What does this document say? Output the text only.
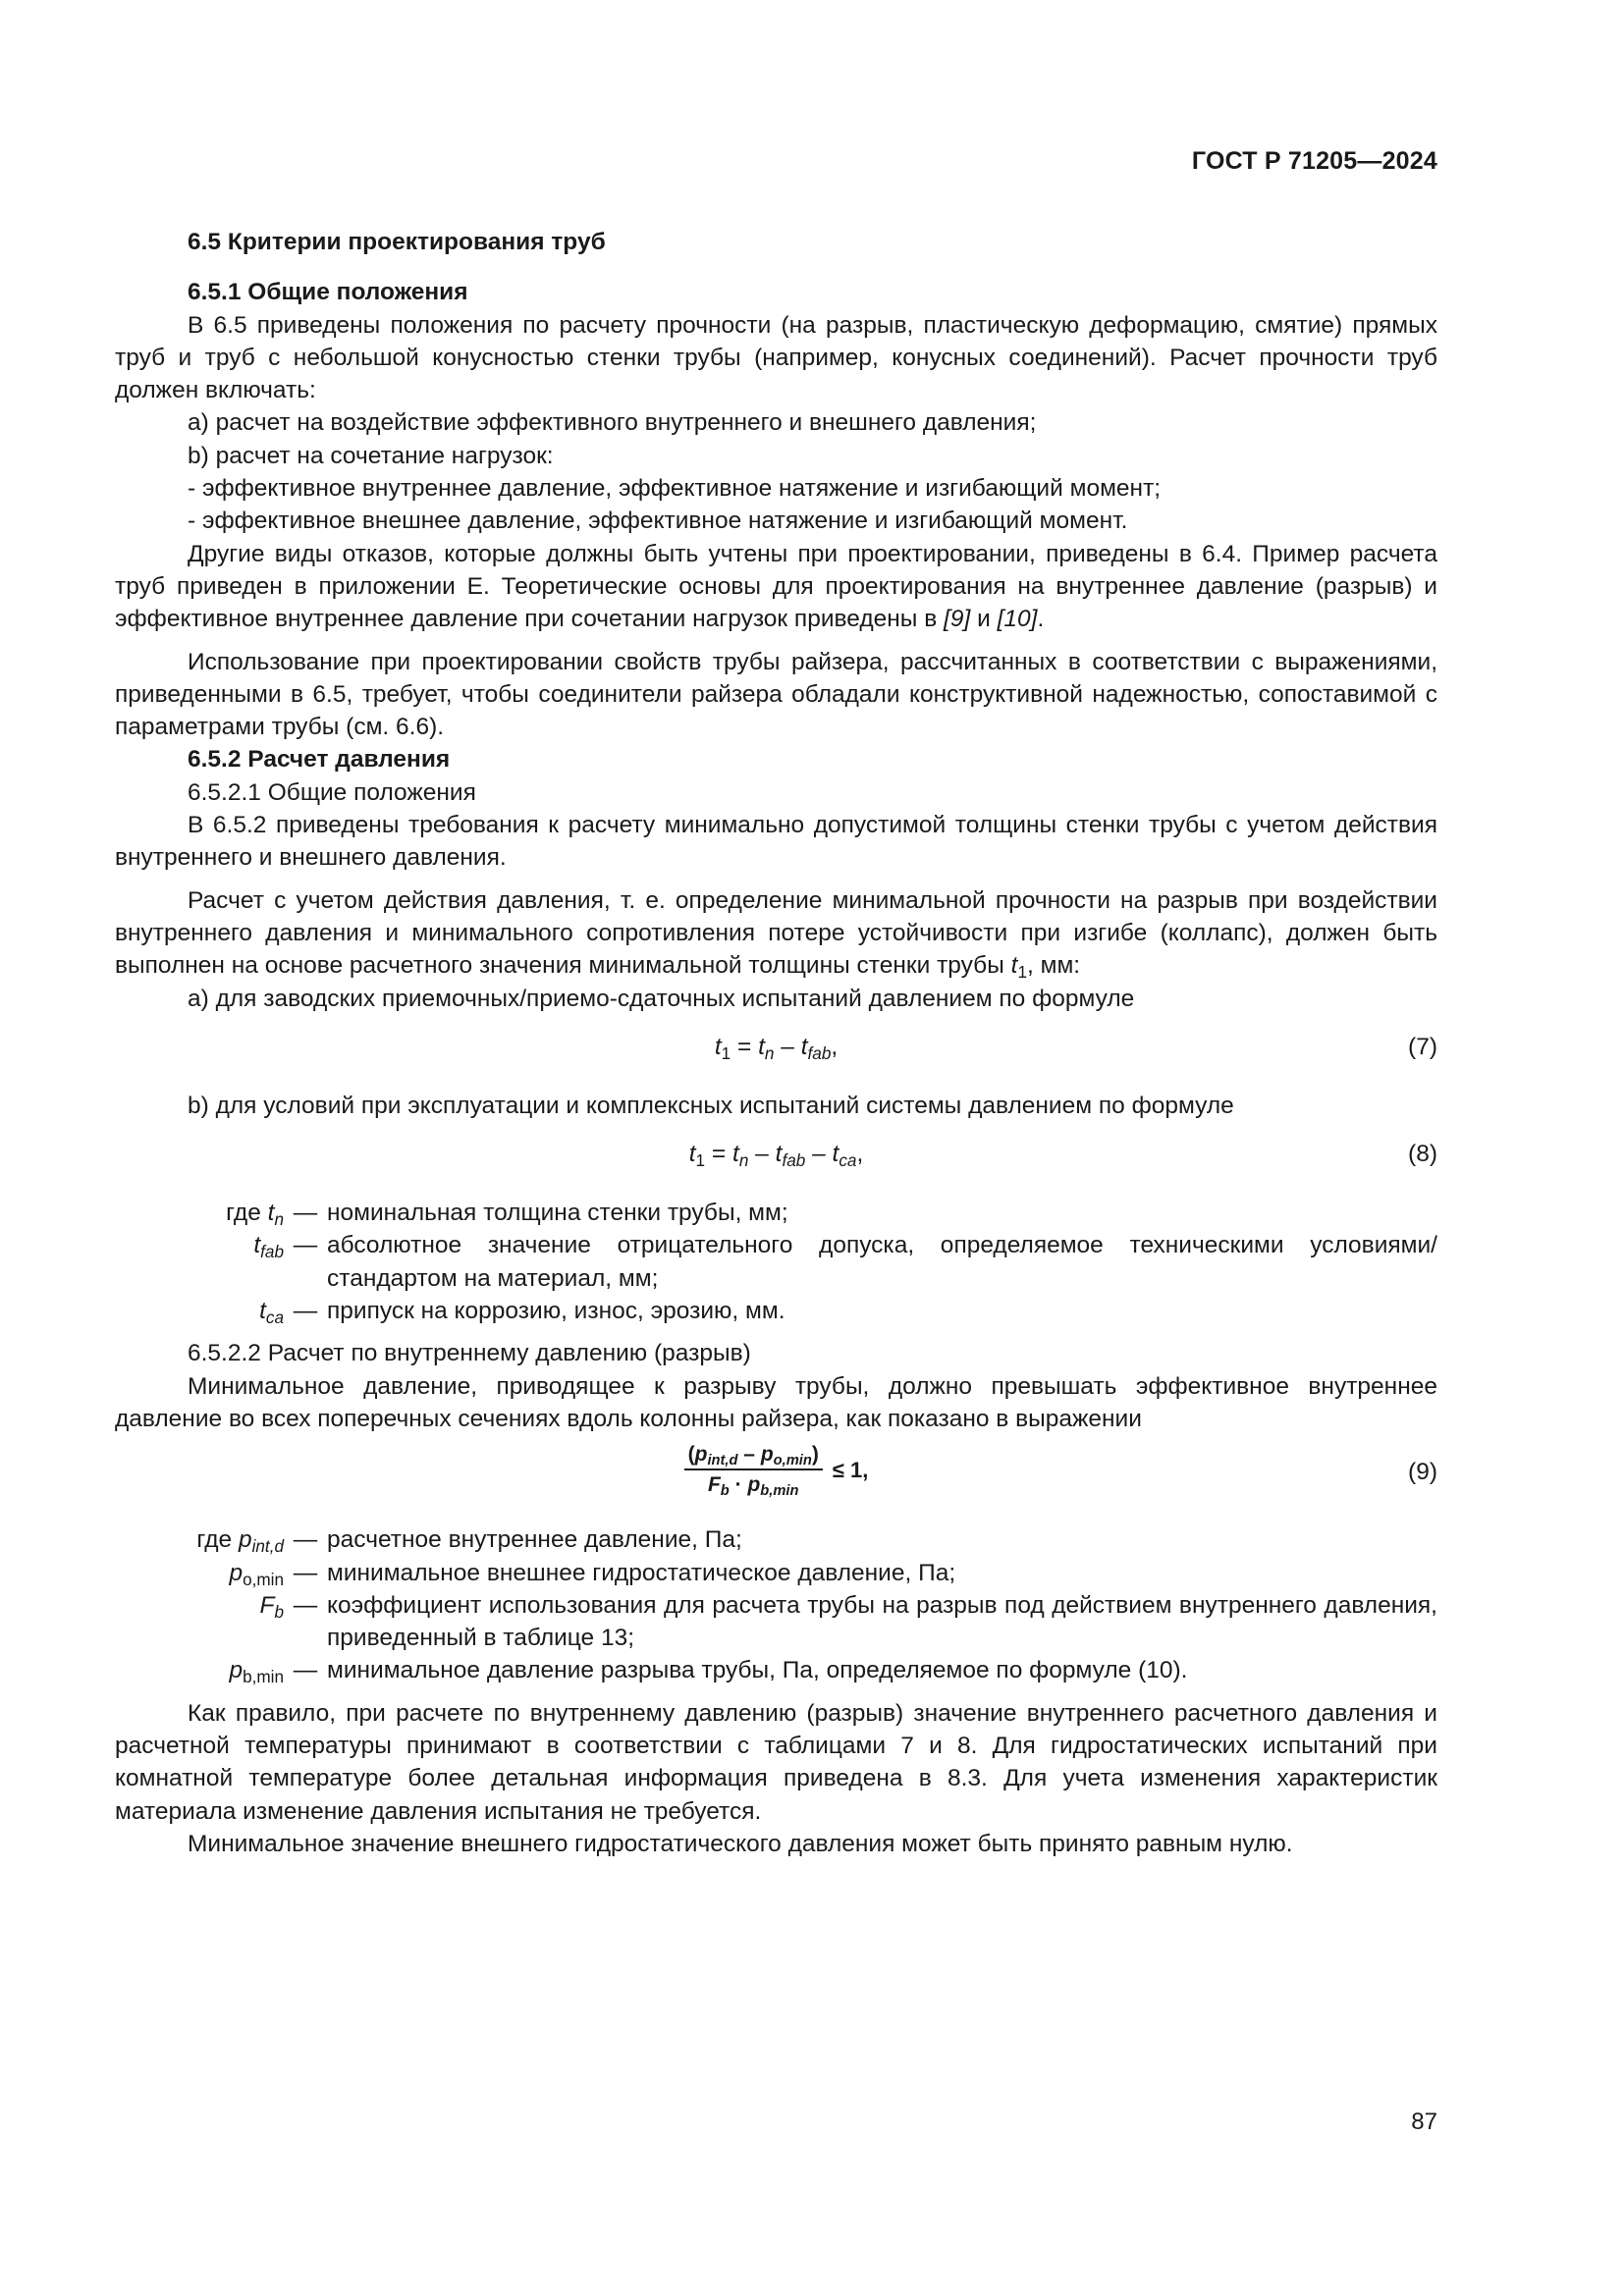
ГОСТ Р 71205—2024

6.5 Критерии проектирования труб

6.5.1 Общие положения

В 6.5 приведены положения по расчету прочности (на разрыв, пластическую деформацию, смятие) прямых труб и труб с небольшой конусностью стенки трубы (например, конусных соединений). Расчет прочности труб должен включать:

а) расчет на воздействие эффективного внутреннего и внешнего давления;

b) расчет на сочетание нагрузок:

- эффективное внутреннее давление, эффективное натяжение и изгибающий момент;

- эффективное внешнее давление, эффективное натяжение и изгибающий момент.

Другие виды отказов, которые должны быть учтены при проектировании, приведены в 6.4. Пример расчета труб приведен в приложении Е. Теоретические основы для проектирования на внутреннее давление (разрыв) и эффективное внутреннее давление при сочетании нагрузок приведены в [9] и [10].

Использование при проектировании свойств трубы райзера, рассчитанных в соответствии с выражениями, приведенными в 6.5, требует, чтобы соединители райзера обладали конструктивной надежностью, сопоставимой с параметрами трубы (см. 6.6).

6.5.2 Расчет давления

6.5.2.1 Общие положения

В 6.5.2 приведены требования к расчету минимально допустимой толщины стенки трубы с учетом действия внутреннего и внешнего давления.

Расчет с учетом действия давления, т. е. определение минимальной прочности на разрыв при воздействии внутреннего давления и минимального сопротивления потере устойчивости при изгибе (коллапс), должен быть выполнен на основе расчетного значения минимальной толщины стенки трубы $t_1$, мм:

а) для заводских приемочных/приемо-сдаточных испытаний давлением по формуле

$t_1 = t_n - t_{fab}$,	(7)

b) для условий при эксплуатации и комплексных испытаний системы давлением по формуле

$t_1 = t_n - t_{fab} - t_{ca}$,	(8)
где $t_n$ — номинальная толщина стенки трубы, мм;
$t_{fab}$ — абсолютное значение отрицательного допуска, определяемое техническими условиями/стандартом на материал, мм;
$t_{ca}$ — припуск на коррозию, износ, эрозию, мм.

6.5.2.2 Расчет по внутреннему давлению (разрыв)

Минимальное давление, приводящее к разрыву трубы, должно превышать эффективное внутреннее давление во всех поперечных сечениях вдоль колонны райзера, как показано в выражении

$\frac{(p_{int,d} - p_{o,min})}{F_b \cdot p_{b,min}} \le 1$,	(9)
где $p_{int,d}$ — расчетное внутреннее давление, Па;
$p_{o,min}$ — минимальное внешнее гидростатическое давление, Па;
$F_b$ — коэффициент использования для расчета трубы на разрыв под действием внутреннего давления, приведенный в таблице 13;
$p_{b,min}$ — минимальное давление разрыва трубы, Па, определяемое по формуле (10).

Как правило, при расчете по внутреннему давлению (разрыв) значение внутреннего расчетного давления и расчетной температуры принимают в соответствии с таблицами 7 и 8. Для гидростатических испытаний при комнатной температуре более детальная информация приведена в 8.3. Для учета изменения характеристик материала изменение давления испытания не требуется.

Минимальное значение внешнего гидростатического давления может быть принято равным нулю.

87
